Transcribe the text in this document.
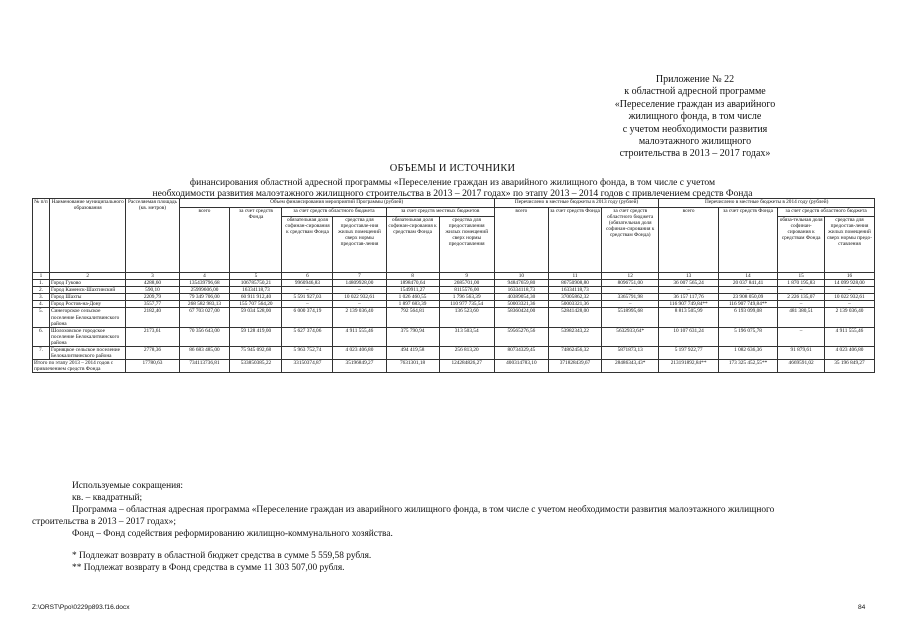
Приложение № 22
к областной адресной программе
«Переселение граждан из аварийного
жилищного фонда, в том числе
с учетом необходимости развития
малоэтажного жилищного
строительства в 2013 – 2017 годах»
ОБЪЕМЫ И ИСТОЧНИКИ
финансирования областной адресной программы «Переселение граждан из аварийного жилищного фонда, в том числе с учетом
необходимости развития малоэтажного жилищного строительства в 2013 – 2017 годах» по этапу 2013 – 2014 годов с привлечением средств Фонда
№ п/п	Наименование муниципального образования	Расселяемая площадь (кв. метров)	Объем финансирования мероприятий Программы (рублей)						Перечислено в местные бюджеты в 2013 году (рублей)			Перечислено в местные бюджеты в 2014 году (рублей)			
			всего	за счет средств Фонда	за счет средств областного бюджета		за счет средств местных бюджетов		всего	за счет средств Фонда	за счет средств областного бюджета (обязательная доля софинан-сирования к средствам Фонда)	всего	за счет средств Фонда	за счет средств областного бюджета	
					обязательная доля софинан-сирования к средствам Фонда	средства для предоставле-ния жилых помещений сверх нормы предостав-ления	обязательная доля софинан-сирования к средствам Фонда	средства для предоставления жилых помещений сверх нормы предоставления						обяза-тельная доля софинан-сирования к средствам Фонда	средства для предостав-ления жилых помещений сверх нормы предо-ставления
1	2	3	4	5	6	7	8	9	10	11	12	13	14	15	16
1.	Город Гуково	4288,60	135439796,68	106785750,21	9960946,83	14809928,00	1898470,64	2685701,00	94847659,80	86750908,80	8096751,00	36 007 565,24	20 037 841,41	1 870 195,83	14 099 928,00
2.	Город Каменск-Шахтинский	590,10	25999606,00	16334118,73	–	–	1549911,27	8115576,00	16334118,73	16334118,73	–	–	–	–	–
3.	Город Шахты	2209,79	79 349 706,00	60 911 912,40	5 591 927,03	10 022 932,61	1 026 460,55	1 796 563,39	40389054,30	37005862,32	3365791,98	36 157 117,76	23 908 050,09	2 226 135,07	10 022 932,61
4.	Город Ростов-на-Дону	3557,77	268 582 983,13	155 707 564,20	–	–	1 897 683,39	110 977 735,54	50003321,36	50003321,36	–	116 907 749,84**	116 907 749,84**	–	–
5.	Синегорское сельское поселение Белокалитвинского района	2182,40	67 703 027,00	59 034 528,00	6 000 374,19	2 139 036,40	792 564,81	136 523,60	58360424,00	52841428,00	5518995,68	8 813 505,99	6 193 099,08	481 380,51	2 139 036,40
6.	Шолоховское городское поселение Белокалитвинского района	2173,61	70 356 643,00	59 128 419,00	5 627 374,06	4 911 555,46	375 790,94	313 503,54	59565276,56	53982343,22	5632933,64*	10 107 631,24	5 196 075,78	–	4 911 555,46
7.	Горняцкое сельское поселение Белокалитвинского района	2778,36	86 683 485,00	75 945 092,68	5 963 752,74	4 023 406,80	494 419,58	256 813,20	80734329,45	74862456,32	5871873,13	5 197 922,77	1 082 636,36	91 879,61	4 023 406,80
Итого по этапу 2013 – 2014 годов с привлечением средств Фонда		17780,63	734113736,81	533850385,22	33150374,87	35196849,27	7631301,18	124284826,27	400314783,10	371828439,67	28486343,43*	213191892,84**	173 325 452,55**	4669591,02	35 196 849,27
Используемые сокращения:
кв. – квадратный;
Программа – областная адресная программа «Переселение граждан из аварийного жилищного фонда, в том числе с учетом необходимости развития малоэтажного жилищного
строительства в 2013 – 2017 годах»;
Фонд – Фонд содействия реформированию жилищно-коммунального хозяйства.
* Подлежат возврату в областной бюджет средства в сумме 5 559,58 рубля.
** Подлежат возврату в Фонд средства в сумме 11 303 507,00 рубля.
Z:\ORST\Ppo\0229p893.f16.docx	84
